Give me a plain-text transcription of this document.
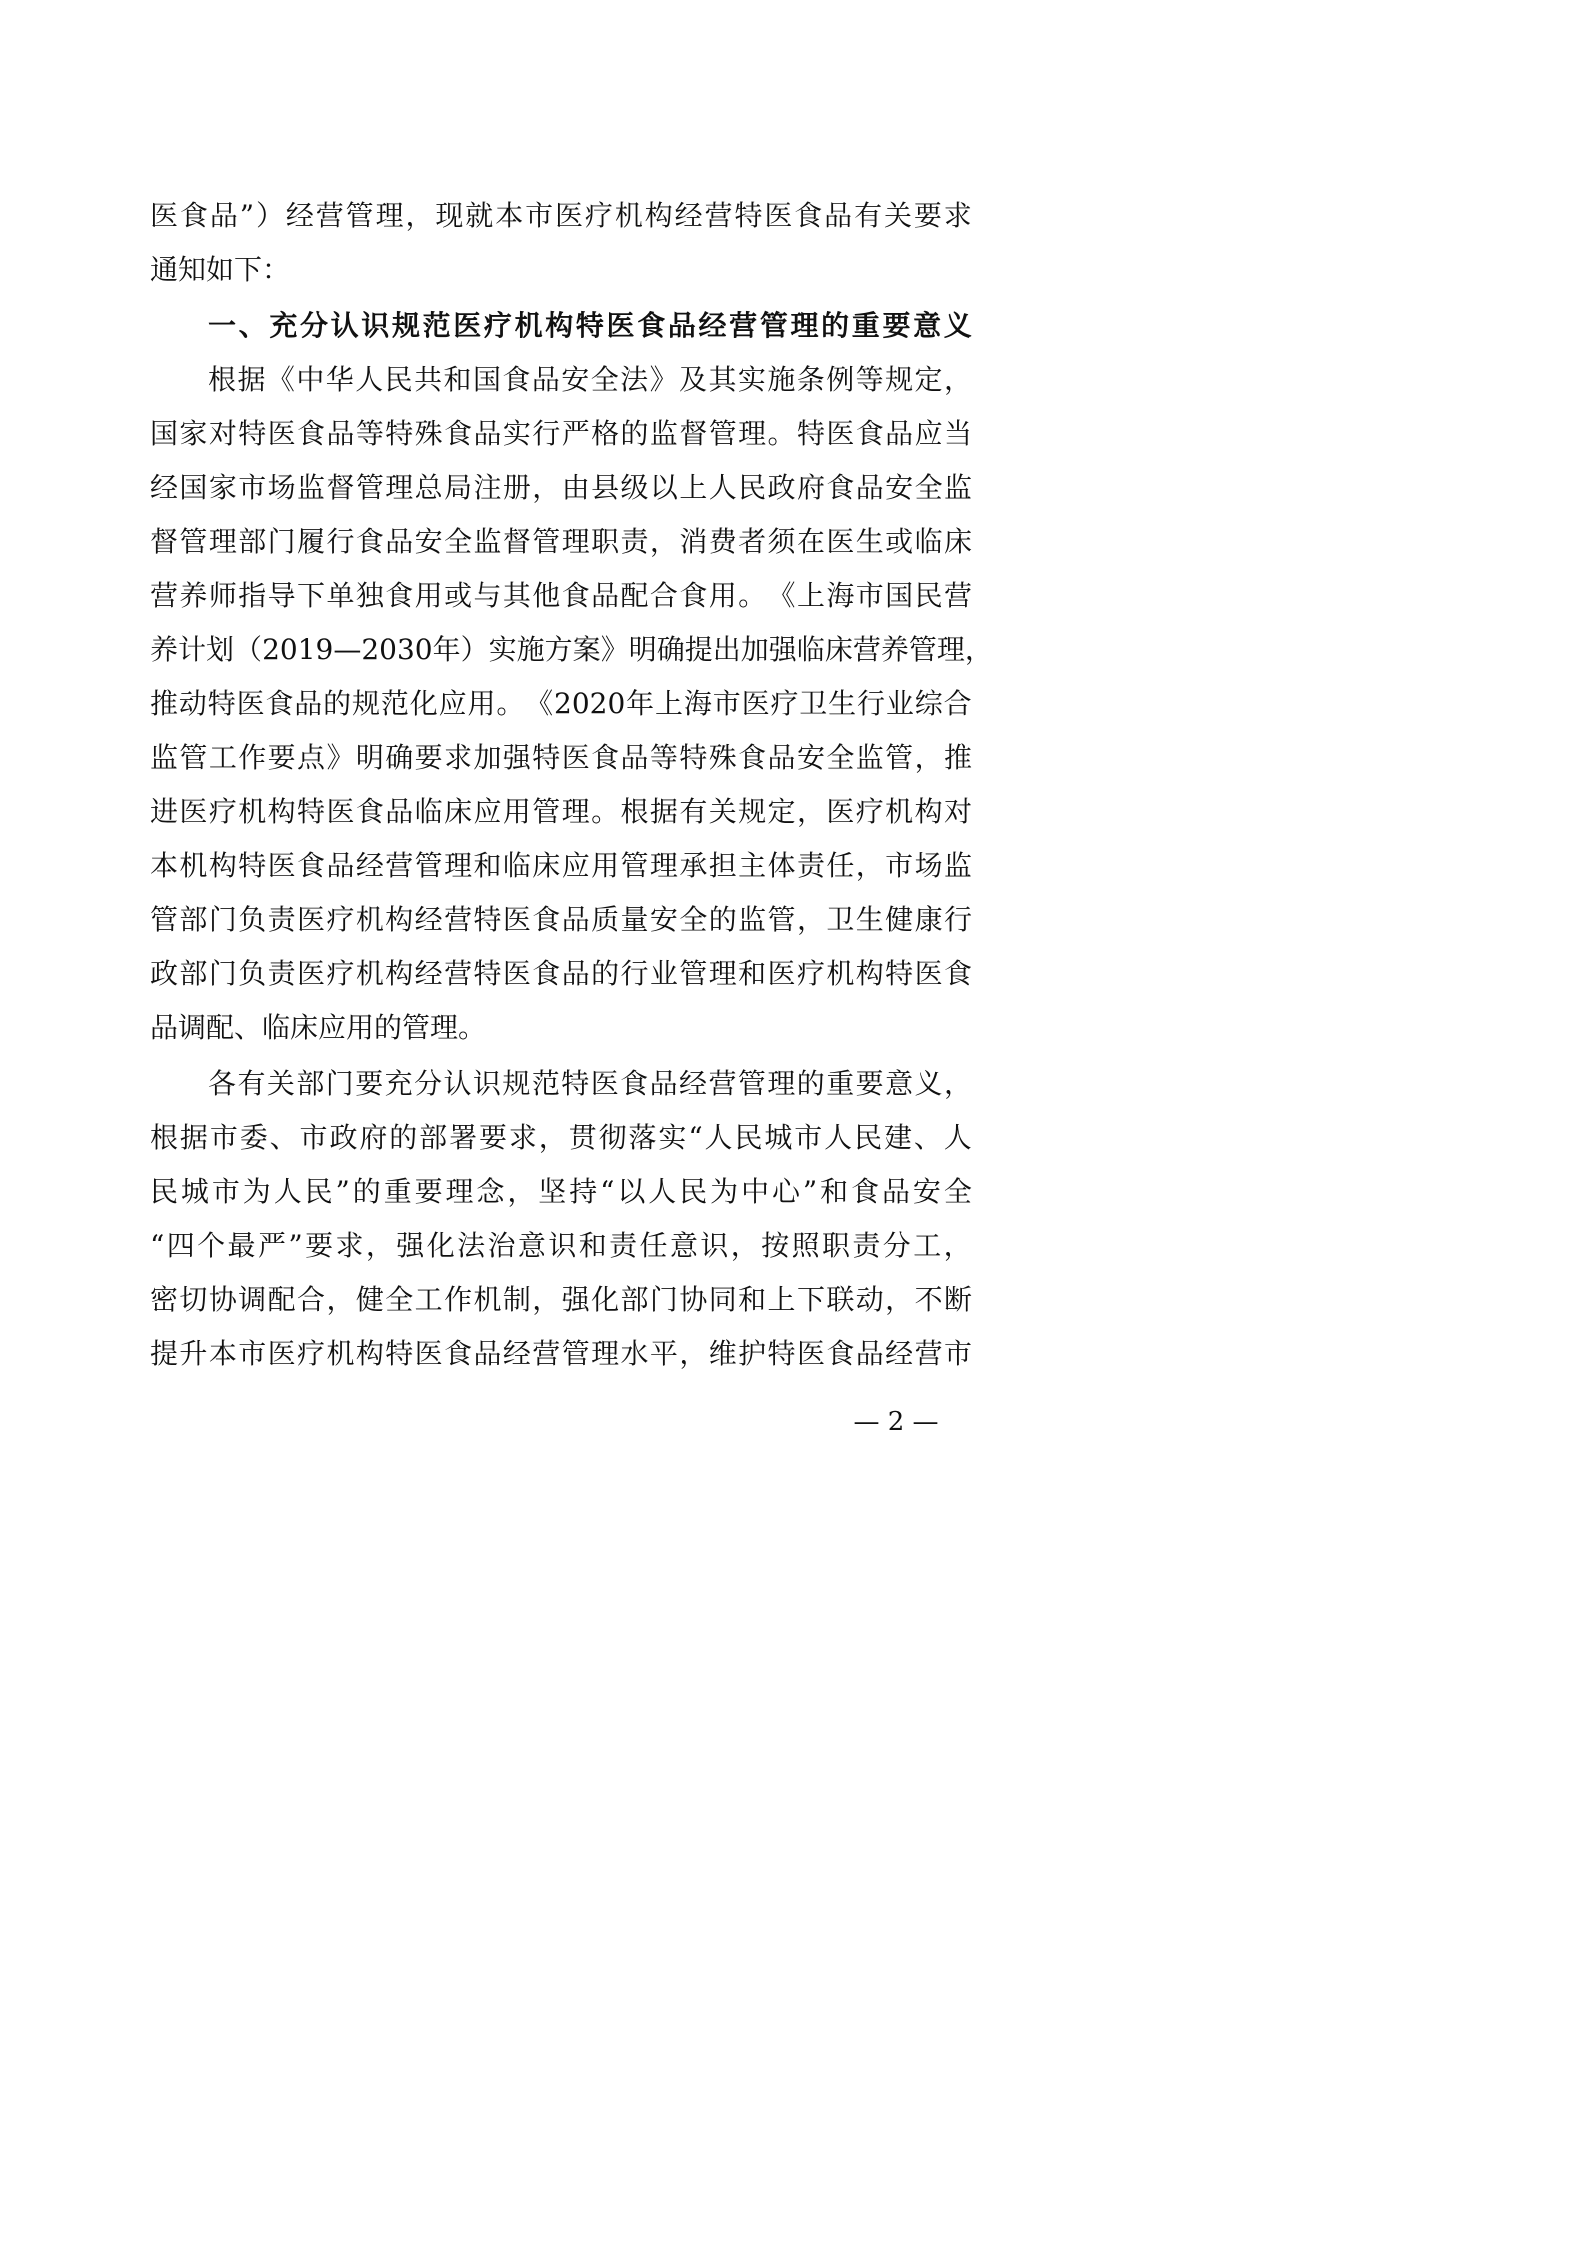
医 食 品 ” ） 经 营 管 理 ， 现 就 本 市 医 疗 机 构 经 营 特 医 食 品 有 关 要 求
通知如下：
一 、 充 分 认 识 规 范 医 疗 机 构 特 医 食 品 经 营 管 理 的 重 要 意 义
根 据 《 中 华 人 民 共 和 国 食 品 安 全 法 》 及 其 实 施 条 例 等 规 定 ，
国 家 对 特 医 食 品 等 特 殊 食 品 实 行 严 格 的 监 督 管 理 。 特 医 食 品 应 当
经 国 家 市 场 监 督 管 理 总 局 注 册 ， 由 县 级 以 上 人 民 政 府 食 品 安 全 监
督 管 理 部 门 履 行 食 品 安 全 监 督 管 理 职 责 ， 消 费 者 须 在 医 生 或 临 床
营 养 师 指 导 下 单 独 食 用 或 与 其 他 食 品 配 合 食 用 。 《 上 海 市 国 民 营
养 计 划 （ 2019 — 2030 年 ） 实 施 方 案 》 明 确 提 出 加 强 临 床 营 养 管 理 ，
推 动 特 医 食 品 的 规 范 化 应 用 。 《 2020 年 上 海 市 医 疗 卫 生 行 业 综 合
监 管 工 作 要 点 》 明 确 要 求 加 强 特 医 食 品 等 特 殊 食 品 安 全 监 管 ， 推
进 医 疗 机 构 特 医 食 品 临 床 应 用 管 理 。 根 据 有 关 规 定 ， 医 疗 机 构 对
本 机 构 特 医 食 品 经 营 管 理 和 临 床 应 用 管 理 承 担 主 体 责 任 ， 市 场 监
管 部 门 负 责 医 疗 机 构 经 营 特 医 食 品 质 量 安 全 的 监 管 ， 卫 生 健 康 行
政 部 门 负 责 医 疗 机 构 经 营 特 医 食 品 的 行 业 管 理 和 医 疗 机 构 特 医 食
品调配、临床应用的管理。
各 有 关 部 门 要 充 分 认 识 规 范 特 医 食 品 经 营 管 理 的 重 要 意 义 ，
根 据 市 委 、 市 政 府 的 部 署 要 求 ， 贯 彻 落 实 “ 人 民 城 市 人 民 建 、 人
民 城 市 为 人 民 ” 的 重 要 理 念 ， 坚 持 “ 以 人 民 为 中 心 ” 和 食 品 安 全
“ 四 个 最 严 ” 要 求 ， 强 化 法 治 意 识 和 责 任 意 识 ， 按 照 职 责 分 工 ，
密 切 协 调 配 合 ， 健 全 工 作 机 制 ， 强 化 部 门 协 同 和 上 下 联 动 ， 不 断
提 升 本 市 医 疗 机 构 特 医 食 品 经 营 管 理 水 平 ， 维 护 特 医 食 品 经 营 市
— 2 —
